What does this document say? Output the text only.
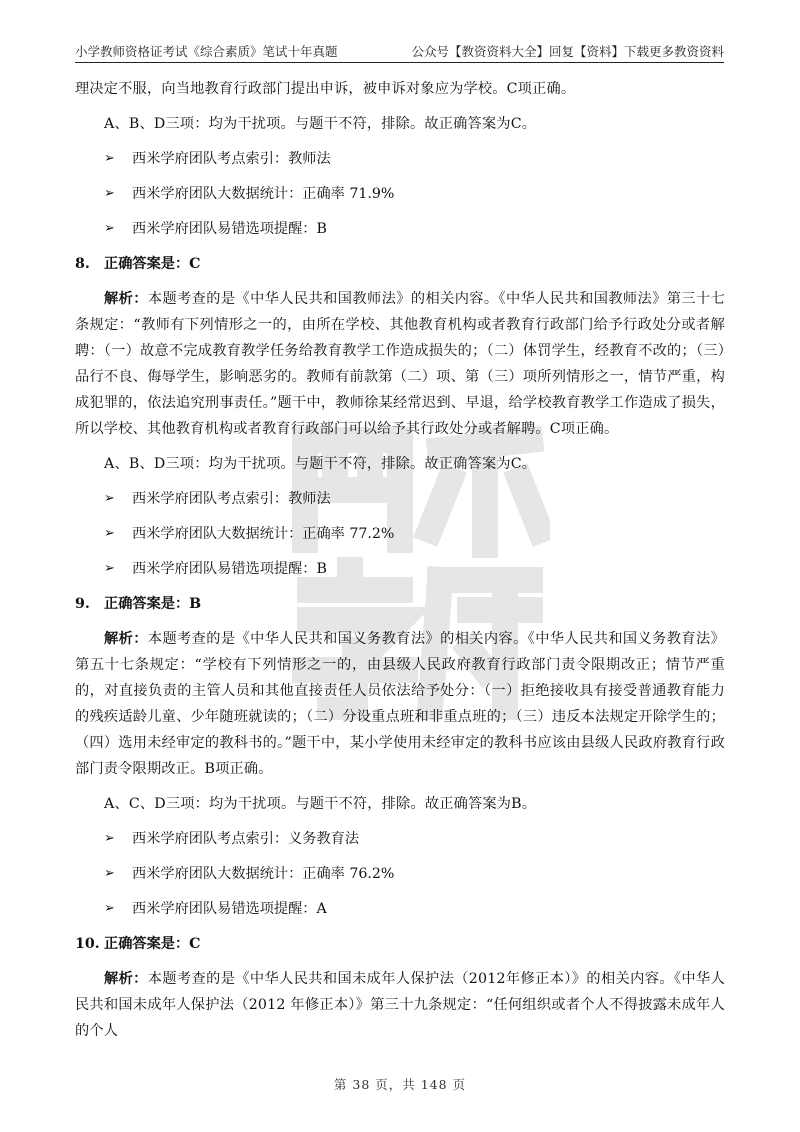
小学教师资格证考试《综合素质》笔试十年真题	公众号【教资资料大全】回复【资料】下载更多教资资料

理决定不服，向当地教育行政部门提出申诉，被申诉对象应为学校。C项正确。

A、B、D三项：均为干扰项。与题干不符，排除。故正确答案为C。

➢ 西米学府团队考点索引：教师法
➢ 西米学府团队大数据统计：正确率 71.9%
➢ 西米学府团队易错选项提醒：B
8. 正确答案是：C

解析：本题考查的是《中华人民共和国教师法》的相关内容。《中华人民共和国教师法》第三十七条规定：“教师有下列情形之一的，由所在学校、其他教育机构或者教育行政部门给予行政处分或者解聘：（一）故意不完成教育教学任务给教育教学工作造成损失的；（二）体罚学生，经教育不改的；（三）品行不良、侮辱学生，影响恶劣的。教师有前款第（二）项、第（三）项所列情形之一，情节严重，构成犯罪的，依法追究刑事责任。”题干中，教师徐某经常迟到、早退，给学校教育教学工作造成了损失，所以学校、其他教育机构或者教育行政部门可以给予其行政处分或者解聘。C项正确。

A、B、D三项：均为干扰项。与题干不符，排除。故正确答案为C。

➢ 西米学府团队考点索引：教师法
➢ 西米学府团队大数据统计：正确率 77.2%
➢ 西米学府团队易错选项提醒：B
9. 正确答案是：B

解析：本题考查的是《中华人民共和国义务教育法》的相关内容。《中华人民共和国义务教育法》第五十七条规定：“学校有下列情形之一的，由县级人民政府教育行政部门责令限期改正；情节严重的，对直接负责的主管人员和其他直接责任人员依法给予处分：（一）拒绝接收具有接受普通教育能力的残疾适龄儿童、少年随班就读的；（二）分设重点班和非重点班的；（三）违反本法规定开除学生的；（四）选用未经审定的教科书的。”题干中，某小学使用未经审定的教科书应该由县级人民政府教育行政部门责令限期改正。B项正确。

A、C、D三项：均为干扰项。与题干不符，排除。故正确答案为B。

➢ 西米学府团队考点索引：义务教育法
➢ 西米学府团队大数据统计：正确率 76.2%
➢ 西米学府团队易错选项提醒：A
10. 正确答案是：C

解析：本题考查的是《中华人民共和国未成年人保护法（2012年修正本）》的相关内容。《中华人民共和国未成年人保护法（2012 年修正本）》第三十九条规定：“任何组织或者个人不得披露未成年人的个人

第 38 页，共 148 页
